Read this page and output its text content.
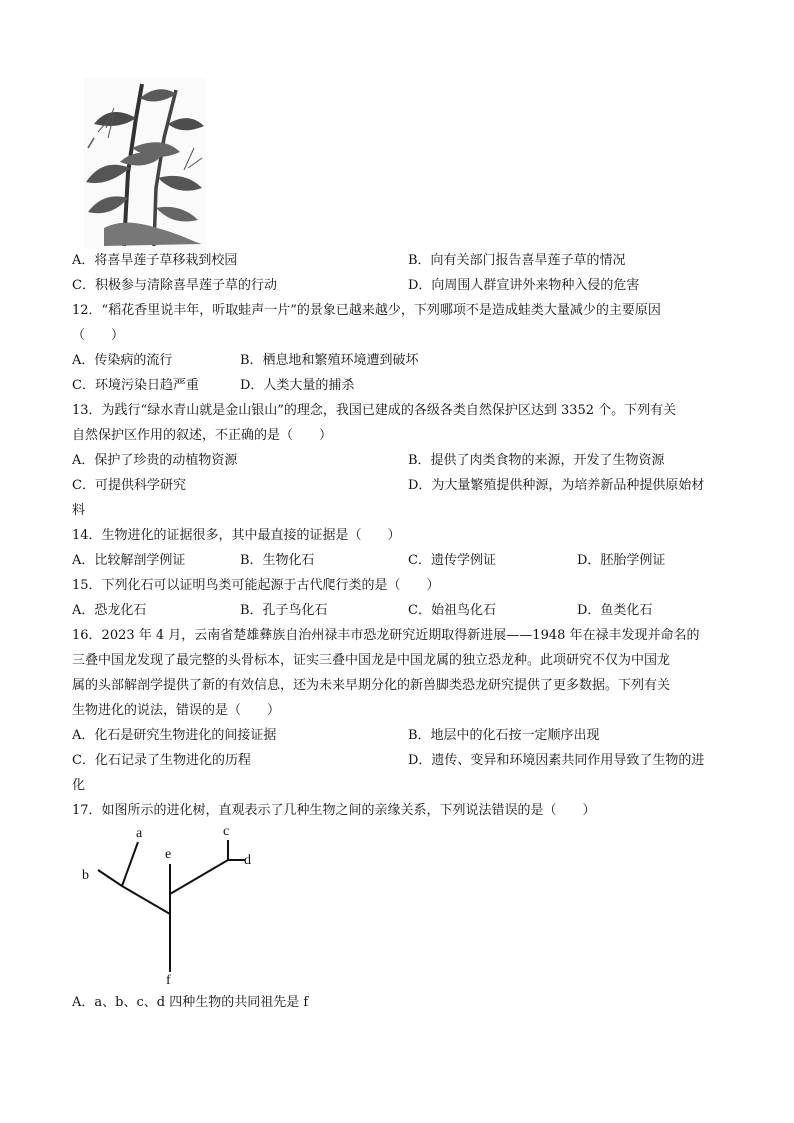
A．将喜旱莲子草移栽到校园	B．向有关部门报告喜旱莲子草的情况
C．积极参与清除喜旱莲子草的行动	D．向周围人群宣讲外来物种入侵的危害
12．“稻花香里说丰年，听取蛙声一片”的景象已越来越少，下列哪项不是造成蛙类大量减少的主要原因
（　　）
A．传染病的流行	B．栖息地和繁殖环境遭到破坏
C．环境污染日趋严重	D．人类大量的捕杀
13．为践行“绿水青山就是金山银山”的理念，我国已建成的各级各类自然保护区达到 3352 个。下列有关
自然保护区作用的叙述，不正确的是（　　）
A．保护了珍贵的动植物资源	B．提供了肉类食物的来源，开发了生物资源
C．可提供科学研究	D．为大量繁殖提供种源，为培养新品种提供原始材
料
14．生物进化的证据很多，其中最直接的证据是（　　）
A．比较解剖学例证	B．生物化石	C．遗传学例证	D．胚胎学例证
15．下列化石可以证明鸟类可能起源于古代爬行类的是（　　）
A．恐龙化石	B．孔子鸟化石	C．始祖鸟化石	D．鱼类化石
16．2023 年 4 月，云南省楚雄彝族自治州禄丰市恐龙研究近期取得新进展——1948 年在禄丰发现并命名的
三叠中国龙发现了最完整的头骨标本，证实三叠中国龙是中国龙属的独立恐龙种。此项研究不仅为中国龙
属的头部解剖学提供了新的有效信息，还为未来早期分化的新兽脚类恐龙研究提供了更多数据。下列有关
生物进化的说法，错误的是（　　）
A．化石是研究生物进化的间接证据	B．地层中的化石按一定顺序出现
C．化石记录了生物进化的历程	D．遗传、变异和环境因素共同作用导致了生物的进
化
17．如图所示的进化树，直观表示了几种生物之间的亲缘关系，下列说法错误的是（　　）
a
b
c
d
e
f
A．a、b、c、d 四种生物的共同祖先是 f
